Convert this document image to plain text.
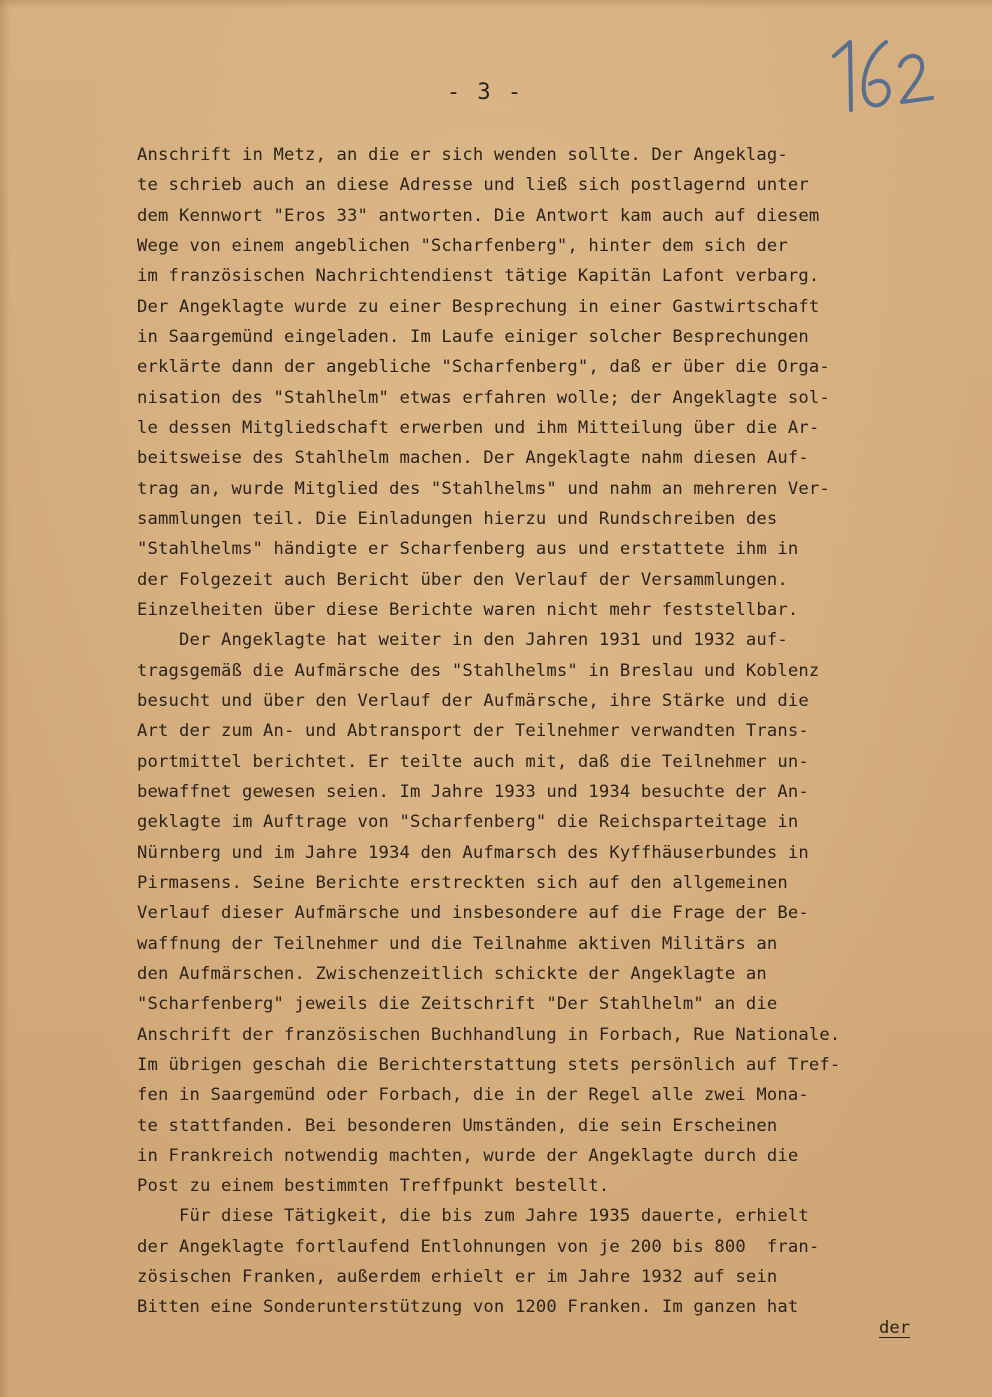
- 3 -
Anschrift in Metz, an die er sich wenden sollte. Der Angeklag-
te schrieb auch an diese Adresse und ließ sich postlagernd unter
dem Kennwort "Eros 33" antworten. Die Antwort kam auch auf diesem
Wege von einem angeblichen "Scharfenberg", hinter dem sich der
im französischen Nachrichtendienst tätige Kapitän Lafont verbarg.
Der Angeklagte wurde zu einer Besprechung in einer Gastwirtschaft
in Saargemünd eingeladen. Im Laufe einiger solcher Besprechungen
erklärte dann der angebliche "Scharfenberg", daß er über die Orga-
nisation des "Stahlhelm" etwas erfahren wolle; der Angeklagte sol-
le dessen Mitgliedschaft erwerben und ihm Mitteilung über die Ar-
beitsweise des Stahlhelm machen. Der Angeklagte nahm diesen Auf-
trag an, wurde Mitglied des "Stahlhelms" und nahm an mehreren Ver-
sammlungen teil. Die Einladungen hierzu und Rundschreiben des
"Stahlhelms" händigte er Scharfenberg aus und erstattete ihm in
der Folgezeit auch Bericht über den Verlauf der Versammlungen.
Einzelheiten über diese Berichte waren nicht mehr feststellbar.
Der Angeklagte hat weiter in den Jahren 1931 und 1932 auf-
tragsgemäß die Aufmärsche des "Stahlhelms" in Breslau und Koblenz
besucht und über den Verlauf der Aufmärsche, ihre Stärke und die
Art der zum An- und Abtransport der Teilnehmer verwandten Trans-
portmittel berichtet. Er teilte auch mit, daß die Teilnehmer un-
bewaffnet gewesen seien. Im Jahre 1933 und 1934 besuchte der An-
geklagte im Auftrage von "Scharfenberg" die Reichsparteitage in
Nürnberg und im Jahre 1934 den Aufmarsch des Kyffhäuserbundes in
Pirmasens. Seine Berichte erstreckten sich auf den allgemeinen
Verlauf dieser Aufmärsche und insbesondere auf die Frage der Be-
waffnung der Teilnehmer und die Teilnahme aktiven Militärs an
den Aufmärschen. Zwischenzeitlich schickte der Angeklagte an
"Scharfenberg" jeweils die Zeitschrift "Der Stahlhelm" an die
Anschrift der französischen Buchhandlung in Forbach, Rue Nationale.
Im übrigen geschah die Berichterstattung stets persönlich auf Tref-
fen in Saargemünd oder Forbach, die in der Regel alle zwei Mona-
te stattfanden. Bei besonderen Umständen, die sein Erscheinen
in Frankreich notwendig machten, wurde der Angeklagte durch die
Post zu einem bestimmten Treffpunkt bestellt.
Für diese Tätigkeit, die bis zum Jahre 1935 dauerte, erhielt
der Angeklagte fortlaufend Entlohnungen von je 200 bis 800  fran-
zösischen Franken, außerdem erhielt er im Jahre 1932 auf sein
Bitten eine Sonderunterstützung von 1200 Franken. Im ganzen hat
der
